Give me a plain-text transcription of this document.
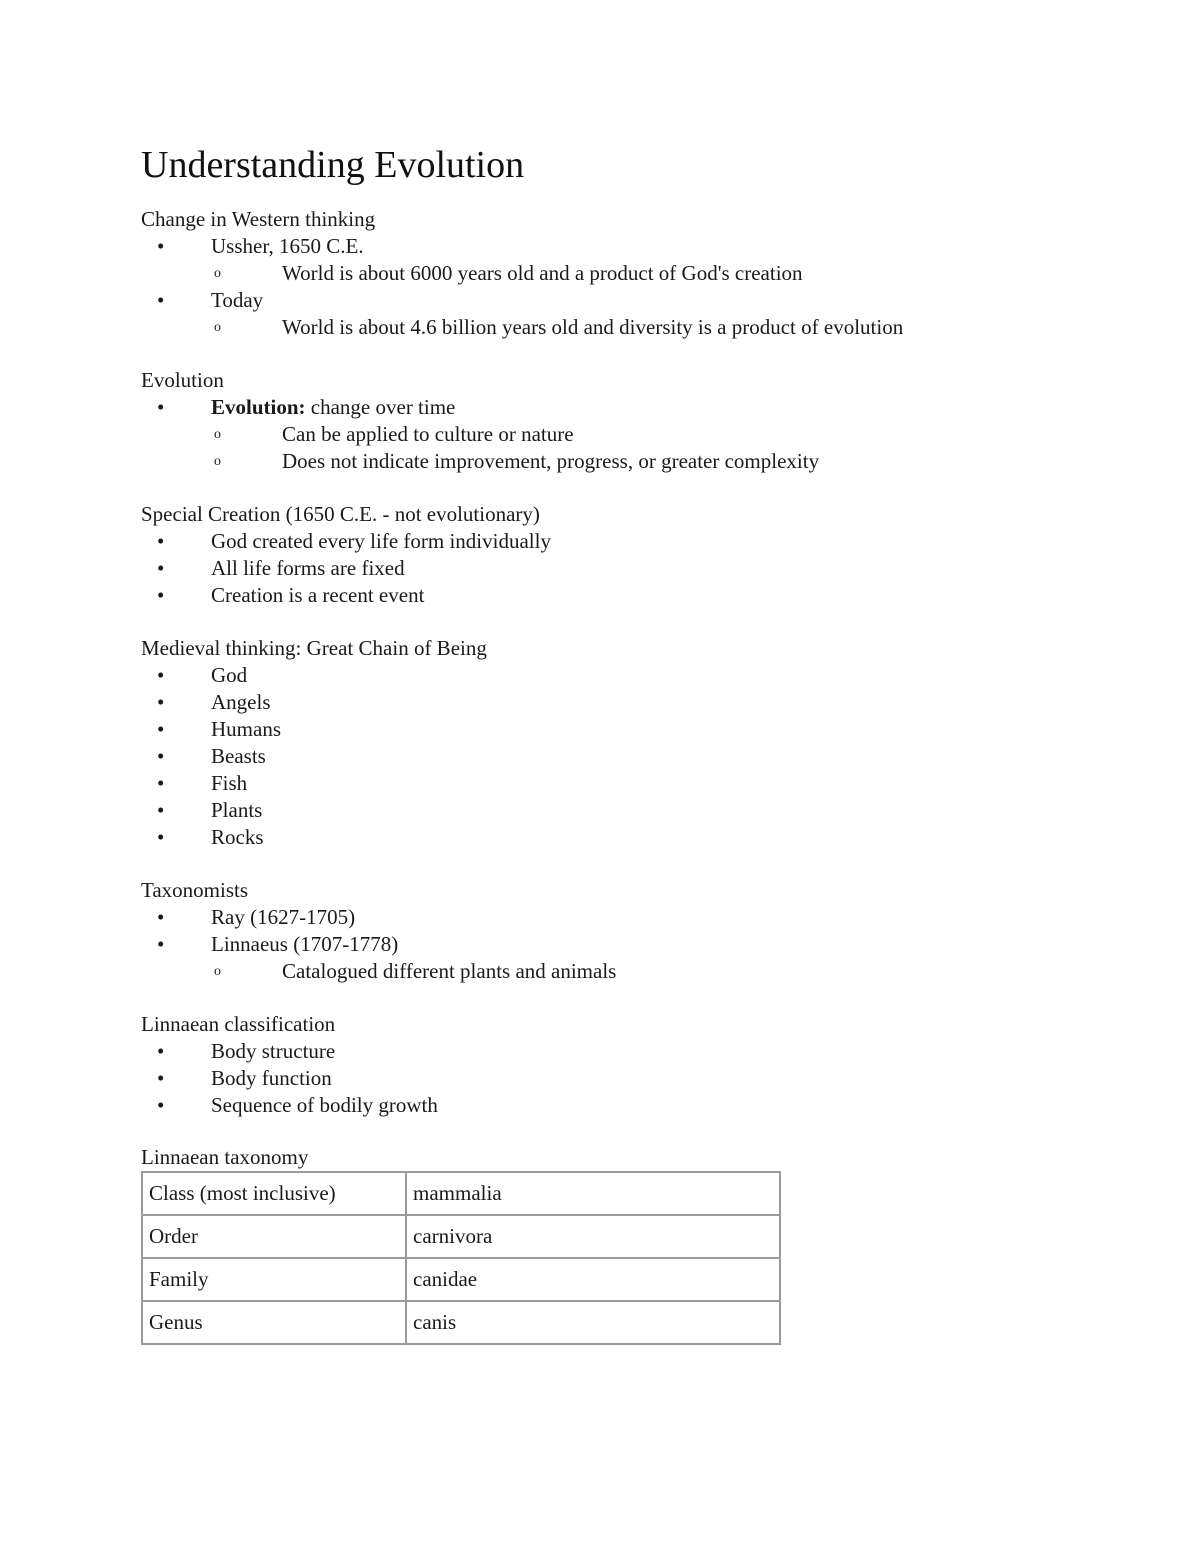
Understanding Evolution

Change in Western thinking

• Ussher, 1650 C.E.
o	World is about 6000 years old and a product of God's creation
• Today
o	World is about 4.6 billion years old and diversity is a product of evolution

Evolution

• Evolution: change over time
o	Can be applied to culture or nature
o	Does not indicate improvement, progress, or greater complexity

Special Creation (1650 C.E. - not evolutionary)

• God created every life form individually
• All life forms are fixed
• Creation is a recent event

Medieval thinking: Great Chain of Being

• God
• Angels
• Humans
• Beasts
• Fish
• Plants
• Rocks

Taxonomists

• Ray (1627-1705)
• Linnaeus (1707-1778)
o	Catalogued different plants and animals

Linnaean classification

• Body structure
• Body function
• Sequence of bodily growth

Linnaean taxonomy

Class (most inclusive)	mammalia
Order	carnivora
Family	canidae
Genus	canis
